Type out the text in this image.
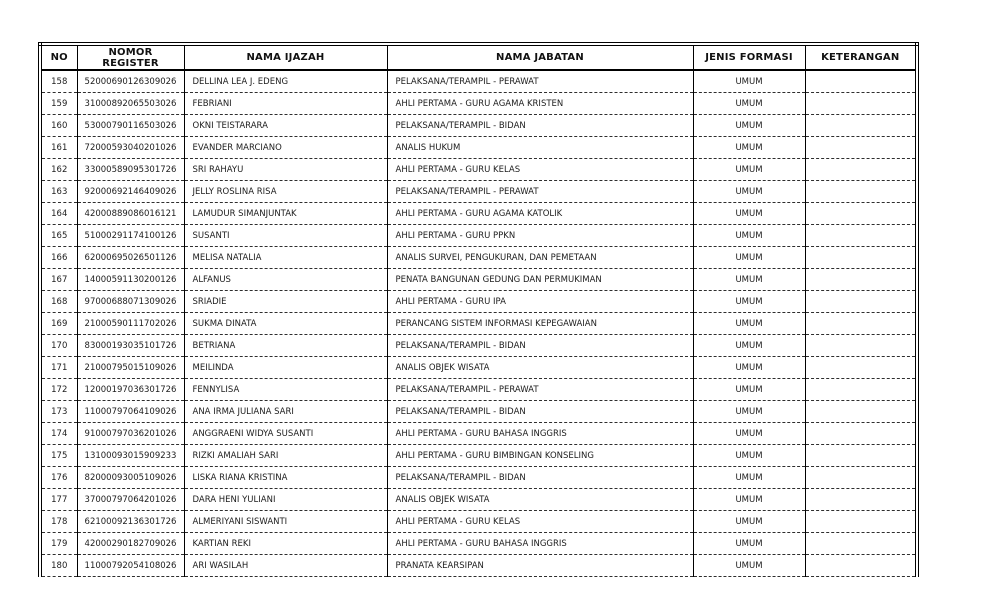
NO	NOMOR REGISTER	NAMA IJAZAH	NAMA JABATAN	JENIS FORMASI	KETERANGAN
158	52000690126309026	DELLINA LEA J. EDENG	PELAKSANA/TERAMPIL - PERAWAT	UMUM	
159	31000892065503026	FEBRIANI	AHLI PERTAMA - GURU AGAMA KRISTEN	UMUM	
160	53000790116503026	OKNI TEISTARARA	PELAKSANA/TERAMPIL - BIDAN	UMUM	
161	72000593040201026	EVANDER MARCIANO	ANALIS HUKUM	UMUM	
162	33000589095301726	SRI RAHAYU	AHLI PERTAMA - GURU KELAS	UMUM	
163	92000692146409026	JELLY ROSLINA RISA	PELAKSANA/TERAMPIL - PERAWAT	UMUM	
164	42000889086016121	LAMUDUR SIMANJUNTAK	AHLI PERTAMA - GURU AGAMA KATOLIK	UMUM	
165	51000291174100126	SUSANTI	AHLI PERTAMA - GURU PPKN	UMUM	
166	62000695026501126	MELISA NATALIA	ANALIS SURVEI, PENGUKURAN, DAN PEMETAAN	UMUM	
167	14000591130200126	ALFANUS	PENATA BANGUNAN GEDUNG DAN PERMUKIMAN	UMUM	
168	97000688071309026	SRIADIE	AHLI PERTAMA - GURU IPA	UMUM	
169	21000590111702026	SUKMA DINATA	PERANCANG SISTEM INFORMASI KEPEGAWAIAN	UMUM	
170	83000193035101726	BETRIANA	PELAKSANA/TERAMPIL - BIDAN	UMUM	
171	21000795015109026	MEILINDA	ANALIS OBJEK WISATA	UMUM	
172	12000197036301726	FENNYLISA	PELAKSANA/TERAMPIL - PERAWAT	UMUM	
173	11000797064109026	ANA IRMA JULIANA SARI	PELAKSANA/TERAMPIL - BIDAN	UMUM	
174	91000797036201026	ANGGRAENI WIDYA SUSANTI	AHLI PERTAMA - GURU BAHASA INGGRIS	UMUM	
175	13100093015909233	RIZKI AMALIAH SARI	AHLI PERTAMA - GURU BIMBINGAN KONSELING	UMUM	
176	82000093005109026	LISKA RIANA KRISTINA	PELAKSANA/TERAMPIL - BIDAN	UMUM	
177	37000797064201026	DARA HENI YULIANI	ANALIS OBJEK WISATA	UMUM	
178	62100092136301726	ALMERIYANI SISWANTI	AHLI PERTAMA - GURU KELAS	UMUM	
179	42000290182709026	KARTIAN REKI	AHLI PERTAMA - GURU BAHASA INGGRIS	UMUM	
180	11000792054108026	ARI WASILAH	PRANATA KEARSIPAN	UMUM	
